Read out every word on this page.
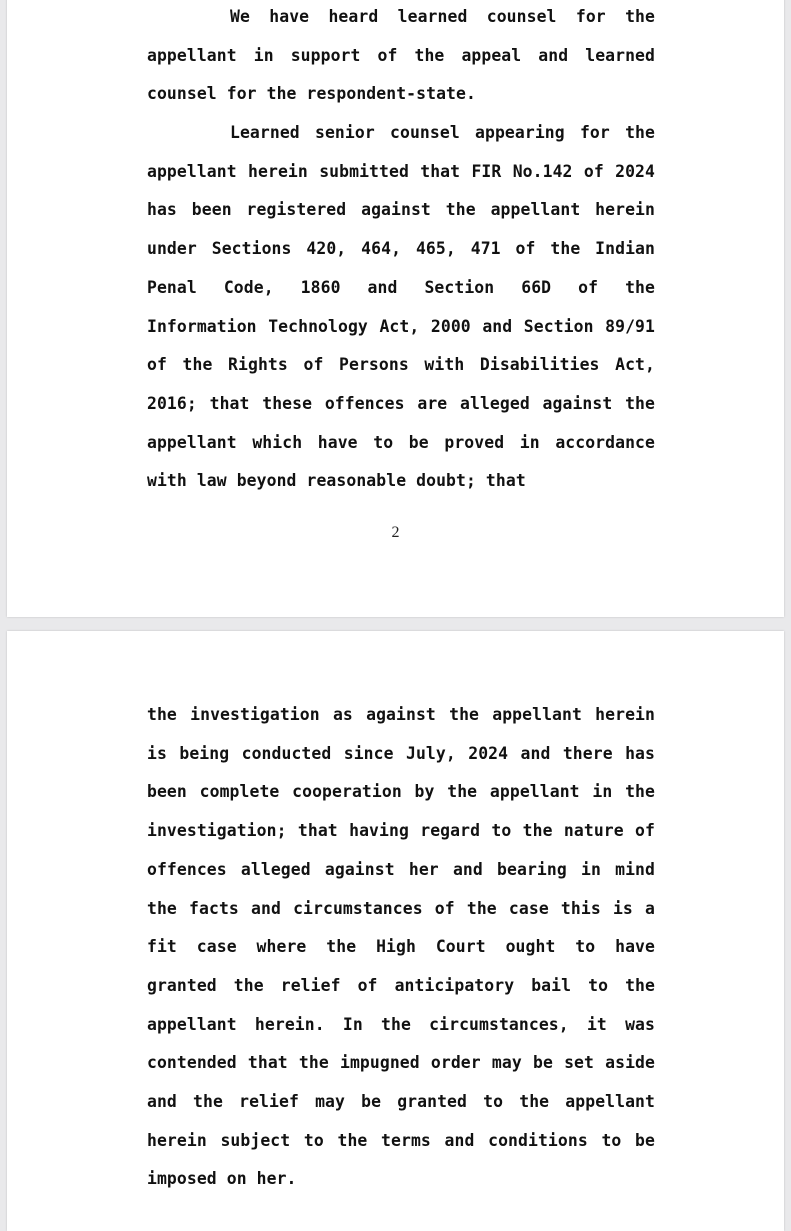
We have heard learned counsel for the appellant in support of the appeal and learned counsel for the respondent-state.

Learned senior counsel appearing for the appellant herein submitted that FIR No.142 of 2024 has been registered against the appellant herein under Sections 420, 464, 465, 471 of the Indian Penal Code, 1860 and Section 66D of the Information Technology Act, 2000 and Section 89/91 of the Rights of Persons with Disabilities Act, 2016; that these offences are alleged against the appellant which have to be proved in accordance with law beyond reasonable doubt; that

2

the investigation as against the appellant herein is being conducted since July, 2024 and there has been complete cooperation by the appellant in the investigation; that having regard to the nature of offences alleged against her and bearing in mind the facts and circumstances of the case this is a fit case where the High Court ought to have granted the relief of anticipatory bail to the appellant herein. In the circumstances, it was contended that the impugned order may be set aside and the relief may be granted to the appellant herein subject to the terms and conditions to be imposed on her.
